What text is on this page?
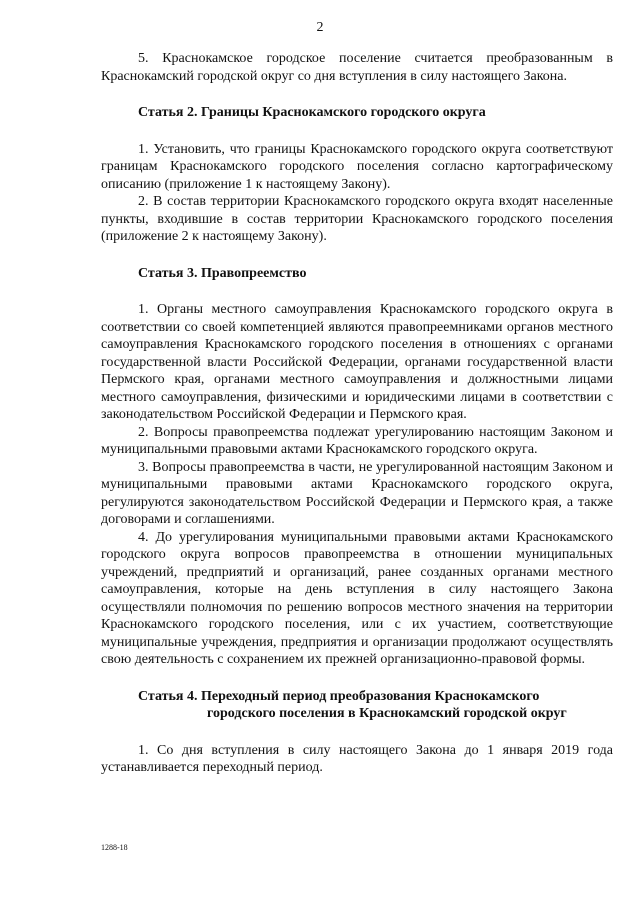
2

5. Краснокамское городское поселение считается преобразованным в Краснокамский городской округ со дня вступления в силу настоящего Закона.

Статья 2. Границы Краснокамского городского округа

1. Установить, что границы Краснокамского городского округа соответствуют границам Краснокамского городского поселения согласно картографическому описанию (приложение 1 к настоящему Закону).

2. В состав территории Краснокамского городского округа входят населенные пункты, входившие в состав территории Краснокамского городского поселения (приложение 2 к настоящему Закону).

Статья 3. Правопреемство

1. Органы местного самоуправления Краснокамского городского округа в соответствии со своей компетенцией являются правопреемниками органов местного самоуправления Краснокамского городского поселения в отношениях с органами государственной власти Российской Федерации, органами государственной власти Пермского края, органами местного самоуправления и должностными лицами местного самоуправления, физическими и юридическими лицами в соответствии с законодательством Российской Федерации и Пермского края.

2. Вопросы правопреемства подлежат урегулированию настоящим Законом и муниципальными правовыми актами Краснокамского городского округа.

3. Вопросы правопреемства в части, не урегулированной настоящим Законом и муниципальными правовыми актами Краснокамского городского округа, регулируются законодательством Российской Федерации и Пермского края, а также договорами и соглашениями.

4. До урегулирования муниципальными правовыми актами Краснокамского городского округа вопросов правопреемства в отношении муниципальных учреждений, предприятий и организаций, ранее созданных органами местного самоуправления, которые на день вступления в силу настоящего Закона осуществляли полномочия по решению вопросов местного значения на территории Краснокамского городского поселения, или с их участием, соответствующие муниципальные учреждения, предприятия и организации продолжают осуществлять свою деятельность с сохранением их прежней организационно-правовой формы.

Статья 4. Переходный период преобразования Краснокамского
городского поселения в Краснокамский городской округ

1. Со дня вступления в силу настоящего Закона до 1 января 2019 года устанавливается переходный период.

1288-18
